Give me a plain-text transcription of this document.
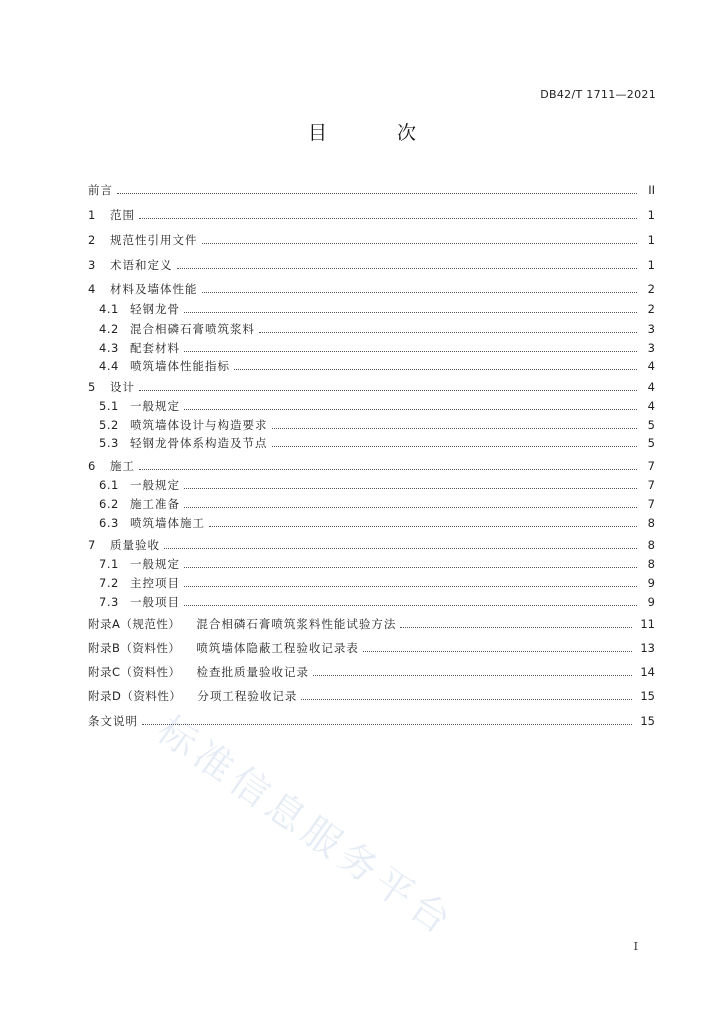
DB42/T 1711—2021
目 次
标准信息服务平台
前言	II
1	范围	1
2	规范性引用文件	1
3	术语和定义	1
4	材料及墙体性能	2
4.1 轻钢龙骨	2
4.2 混合相磷石膏喷筑浆料	3
4.3 配套材料	3
4.4 喷筑墙体性能指标	4
5	设计	4
5.1 一般规定	4
5.2 喷筑墙体设计与构造要求	5
5.3 轻钢龙骨体系构造及节点	5
6	施工	7
6.1 一般规定	7
6.2 施工准备	7
6.3 喷筑墙体施工	8
7	质量验收	8
7.1 一般规定	8
7.2 主控项目	9
7.3 一般项目	9
附录A（规范性） 混合相磷石膏喷筑浆料性能试验方法	11
附录B（资料性） 喷筑墙体隐蔽工程验收记录表	13
附录C（资料性） 检查批质量验收记录	14
附录D（资料性） 分项工程验收记录	15
条文说明	15
I
